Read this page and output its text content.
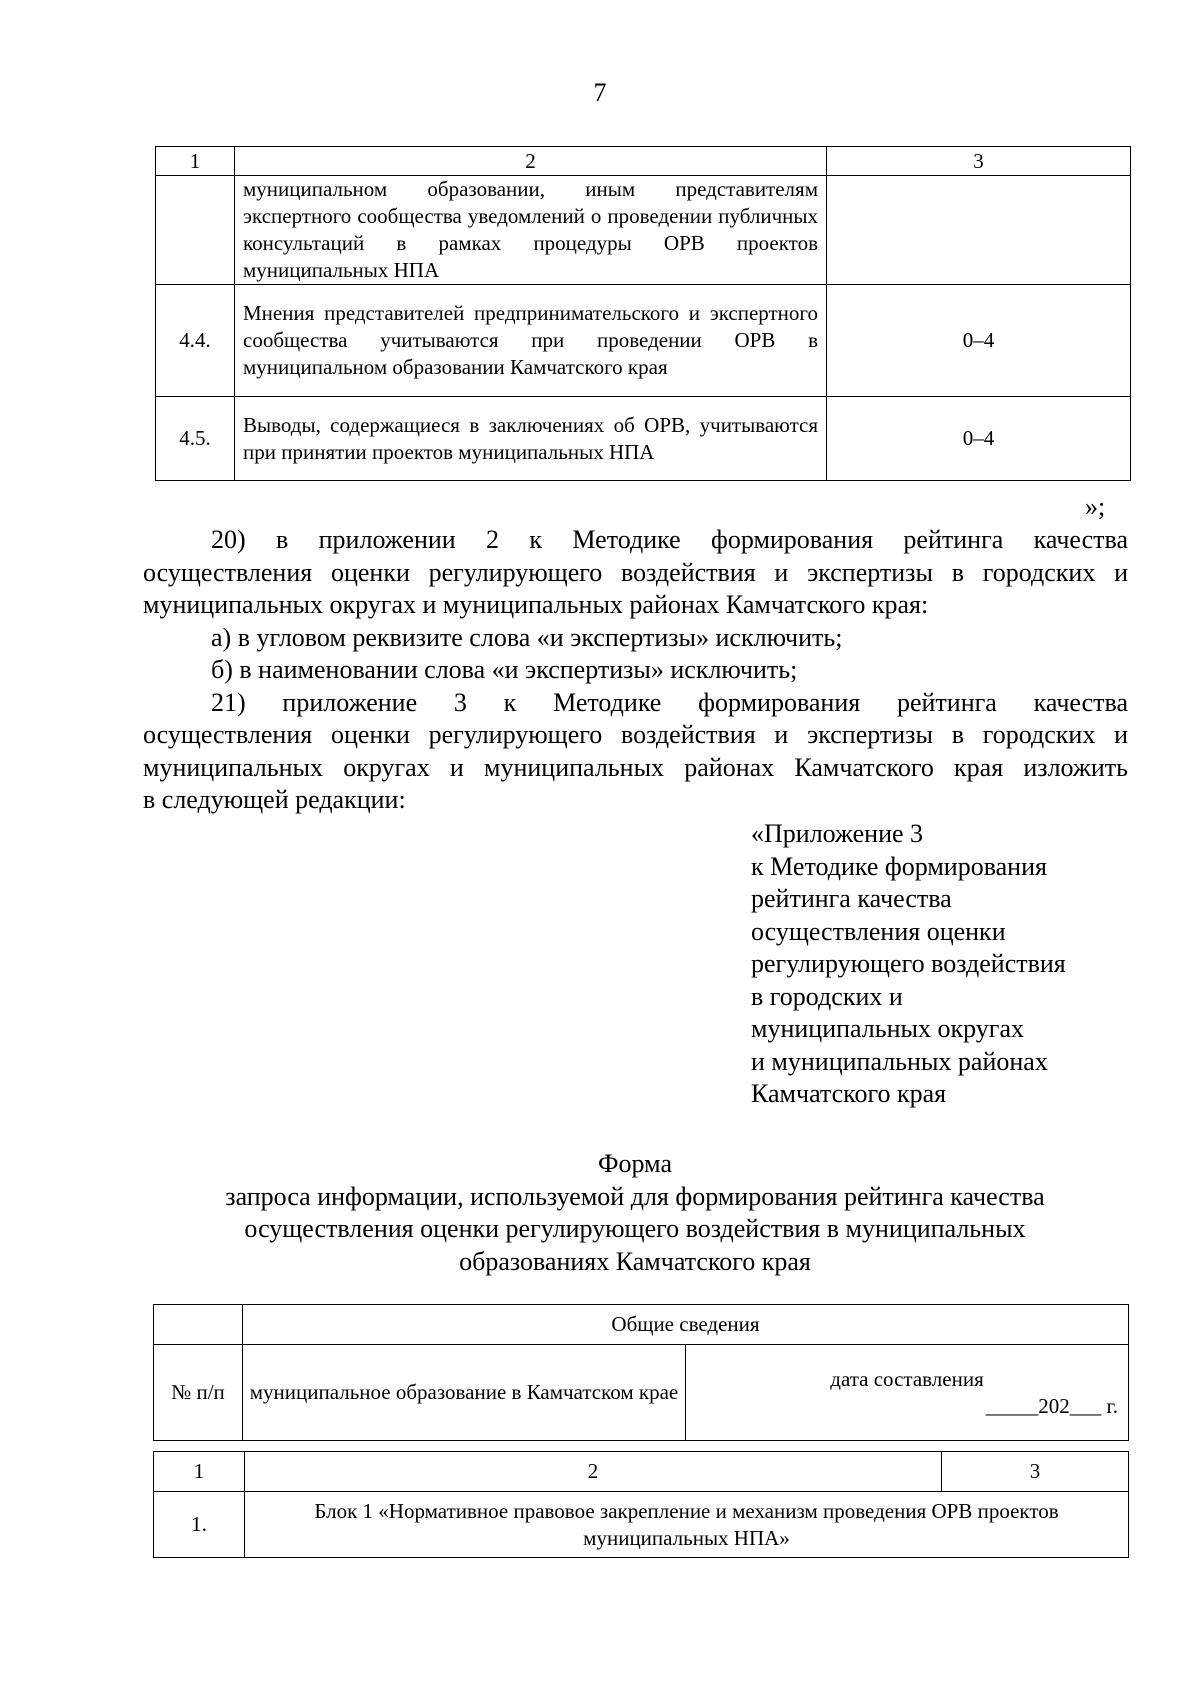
7
1	2	3
	муниципальном образовании, иным представителям экспертного сообщества уведомлений о проведении публичных консультаций в рамках процедуры ОРВ проектов муниципальных НПА	
4.4.	Мнения представителей предпринимательского и экспертного сообщества учитываются при проведении ОРВ в муниципальном образовании Камчатского края	0–4
4.5.	Выводы, содержащиеся в заключениях об ОРВ, учитываются при принятии проектов муниципальных НПА	0–4
»;
20) в приложении 2 к Методике формирования рейтинга качества
осуществления оценки регулирующего воздействия и экспертизы в городских и
муниципальных округах и муниципальных районах Камчатского края:
а) в угловом реквизите слова «и экспертизы» исключить;
б) в наименовании слова «и экспертизы» исключить;
21) приложение 3 к Методике формирования рейтинга качества
осуществления оценки регулирующего воздействия и экспертизы в городских и
муниципальных округах и муниципальных районах Камчатского края изложить
в следующей редакции:
«Приложение 3
к Методике формирования
рейтинга качества
осуществления оценки
регулирующего воздействия
в городских и
муниципальных округах
и муниципальных районах
Камчатского края
Форма
запроса информации, используемой для формирования рейтинга качества
осуществления оценки регулирующего воздействия в муниципальных
образованиях Камчатского края
	Общие сведения	
№ п/п	муниципальное образование в Камчатском крае	дата составления
_____202___ г.
1	2	3
1.	Блок 1 «Нормативное правовое закрепление и механизм проведения ОРВ проектов муниципальных НПА»	
